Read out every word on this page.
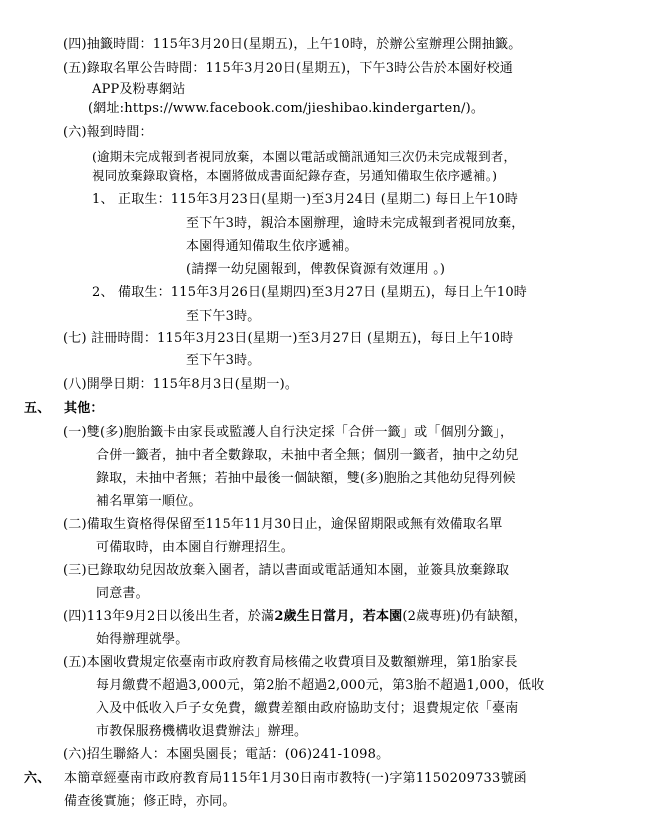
(四)抽籤時間：115年3月20日(星期五)，上午10時，於辦公室辦理公開抽籤。
(五)錄取名單公告時間：115年3月20日(星期五)，下午3時公告於本園好校通
APP及粉專網站
(網址:https://www.facebook.com/jieshibao.kindergarten/)。
(六)報到時間：
(逾期未完成報到者視同放棄，本園以電話或簡訊通知三次仍未完成報到者，
視同放棄錄取資格，本園將做成書面紀錄存查，另通知備取生依序遞補。)
1、 正取生：115年3月23日(星期一)至3月24日 (星期二) 每日上午10時
至下午3時，親洽本園辦理，逾時未完成報到者視同放棄，
本園得通知備取生依序遞補。
(請擇一幼兒園報到，俾教保資源有效運用 。)
2、 備取生：115年3月26日(星期四)至3月27日 (星期五)，每日上午10時
至下午3時。
(七) 註冊時間：115年3月23日(星期一)至3月27日 (星期五)，每日上午10時
至下午3時。
(八)開學日期：115年8月3日(星期一)。
五、 其他：
(一)雙(多)胞胎籤卡由家長或監護人自行決定採「合併一籤」或「個別分籤」，
合併一籤者，抽中者全數錄取，未抽中者全無；個別一籤者，抽中之幼兒
錄取，未抽中者無；若抽中最後一個缺額，雙(多)胞胎之其他幼兒得列候
補名單第一順位。
(二)備取生資格得保留至115年11月30日止，逾保留期限或無有效備取名單
可備取時，由本園自行辦理招生。
(三)已錄取幼兒因故放棄入園者，請以書面或電話通知本園，並簽具放棄錄取
同意書。
(四)113年9月2日以後出生者，於滿2歲生日當月，若本園(2歲專班)仍有缺額，
始得辦理就學。
(五)本園收費規定依臺南市政府教育局核備之收費項目及數額辦理，第1胎家長
每月繳費不超過3,000元，第2胎不超過2,000元，第3胎不超過1,000，低收
入及中低收入戶子女免費，繳費差額由政府協助支付；退費規定依「臺南
市教保服務機構收退費辦法」辦理。
(六)招生聯絡人：本園吳園長；電話：(06)241-1098。
六、 本簡章經臺南市政府教育局115年1月30日南市教特(一)字第1150209733號函
備查後實施；修正時，亦同。
